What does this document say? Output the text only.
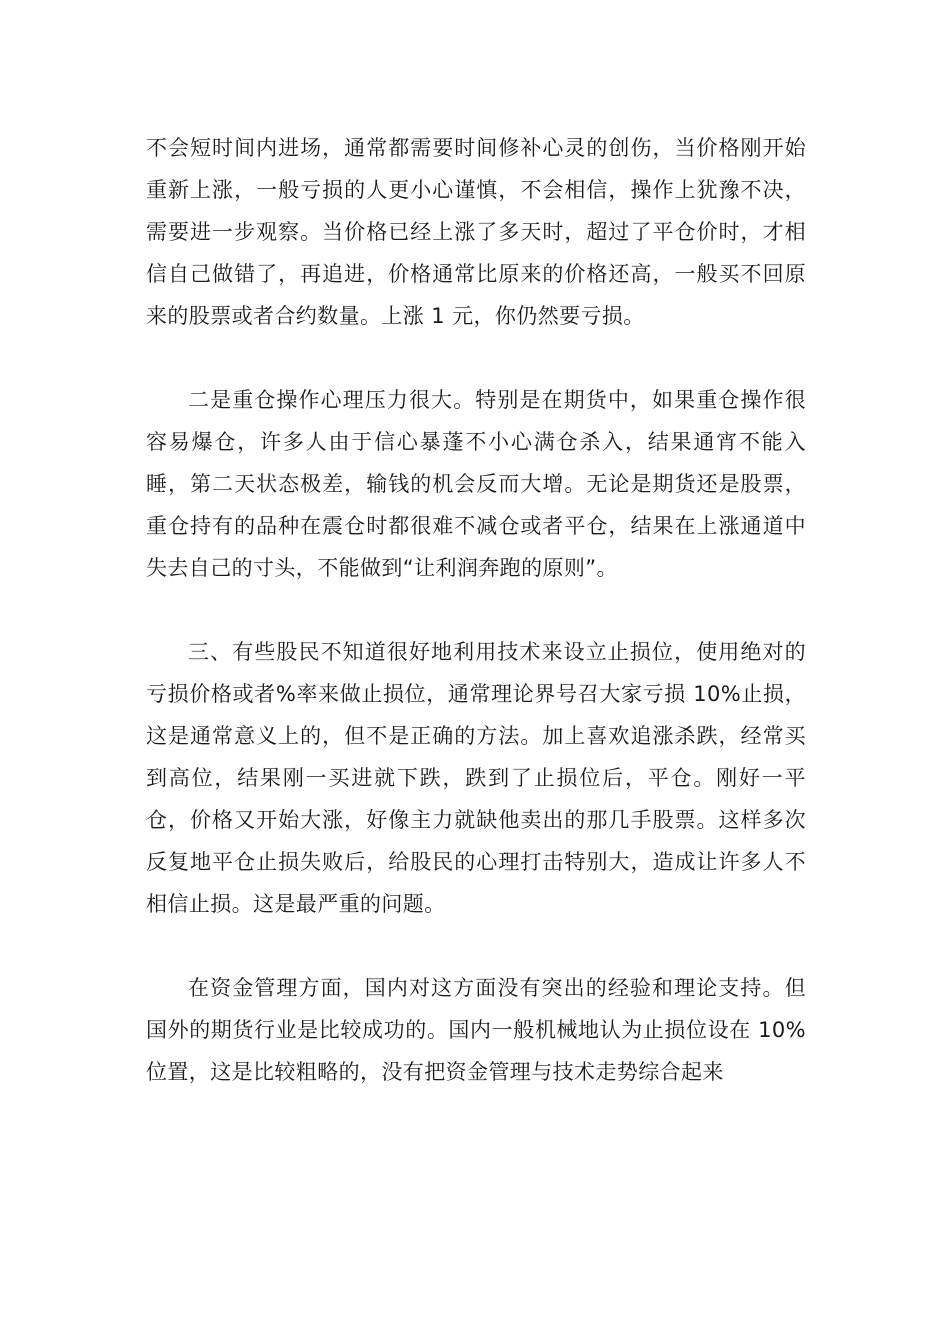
不会短时间内进场，通常都需要时间修补心灵的创伤，当价格刚开始重新上涨，一般亏损的人更小心谨慎，不会相信，操作上犹豫不决，需要进一步观察。当价格已经上涨了多天时，超过了平仓价时，才相信自己做错了，再追进，价格通常比原来的价格还高，一般买不回原来的股票或者合约数量。上涨 1 元，你仍然要亏损。

二是重仓操作心理压力很大。特别是在期货中，如果重仓操作很容易爆仓，许多人由于信心暴蓬不小心满仓杀入，结果通宵不能入睡，第二天状态极差，输钱的机会反而大增。无论是期货还是股票，重仓持有的品种在震仓时都很难不减仓或者平仓，结果在上涨通道中失去自己的寸头，不能做到“让利润奔跑的原则”。

三、有些股民不知道很好地利用技术来设立止损位，使用绝对的亏损价格或者%率来做止损位，通常理论界号召大家亏损 10%止损，这是通常意义上的，但不是正确的方法。加上喜欢追涨杀跌，经常买到高位，结果刚一买进就下跌，跌到了止损位后，平仓。刚好一平仓，价格又开始大涨，好像主力就缺他卖出的那几手股票。这样多次反复地平仓止损失败后，给股民的心理打击特别大，造成让许多人不相信止损。这是最严重的问题。

在资金管理方面，国内对这方面没有突出的经验和理论支持。但国外的期货行业是比较成功的。国内一般机械地认为止损位设在 10%位置，这是比较粗略的，没有把资金管理与技术走势综合起来
